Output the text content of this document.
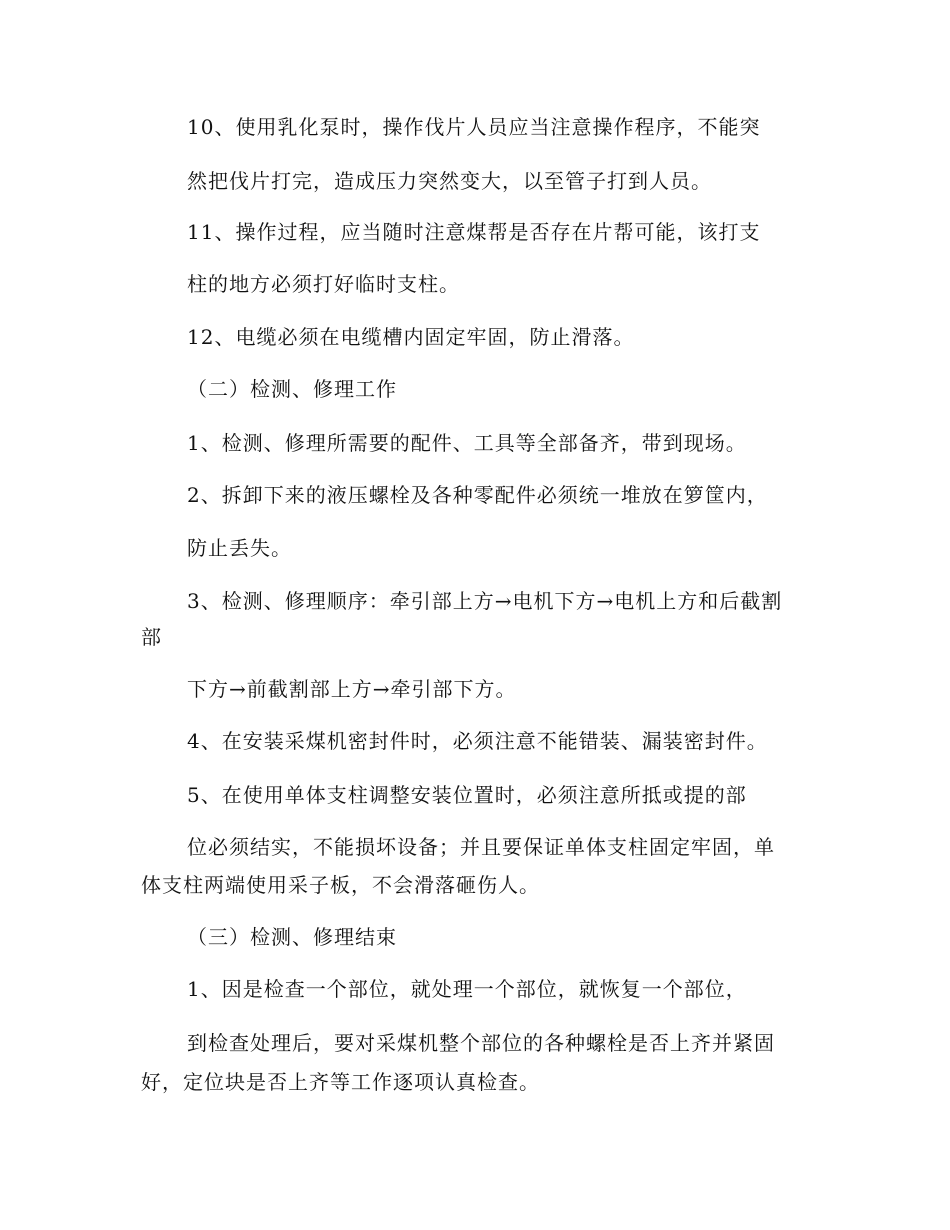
10、使用乳化泵时，操作伐片人员应当注意操作程序，不能突
然把伐片打完，造成压力突然变大，以至管子打到人员。
11、操作过程，应当随时注意煤帮是否存在片帮可能，该打支
柱的地方必须打好临时支柱。
12、电缆必须在电缆槽内固定牢固，防止滑落。
（二）检测、修理工作
1、检测、修理所需要的配件、工具等全部备齐，带到现场。
2、拆卸下来的液压螺栓及各种零配件必须统一堆放在箩筐内，
防止丢失。
3、检测、修理顺序：牵引部上方→电机下方→电机上方和后截割
部
下方→前截割部上方→牵引部下方。
4、在安装采煤机密封件时，必须注意不能错装、漏装密封件。
5、在使用单体支柱调整安装位置时，必须注意所抵或提的部
位必须结实，不能损坏设备；并且要保证单体支柱固定牢固，单
体支柱两端使用采子板，不会滑落砸伤人。
（三）检测、修理结束
1、因是检查一个部位，就处理一个部位，就恢复一个部位，
到检查处理后，要对采煤机整个部位的各种螺栓是否上齐并紧固
好，定位块是否上齐等工作逐项认真检查。
